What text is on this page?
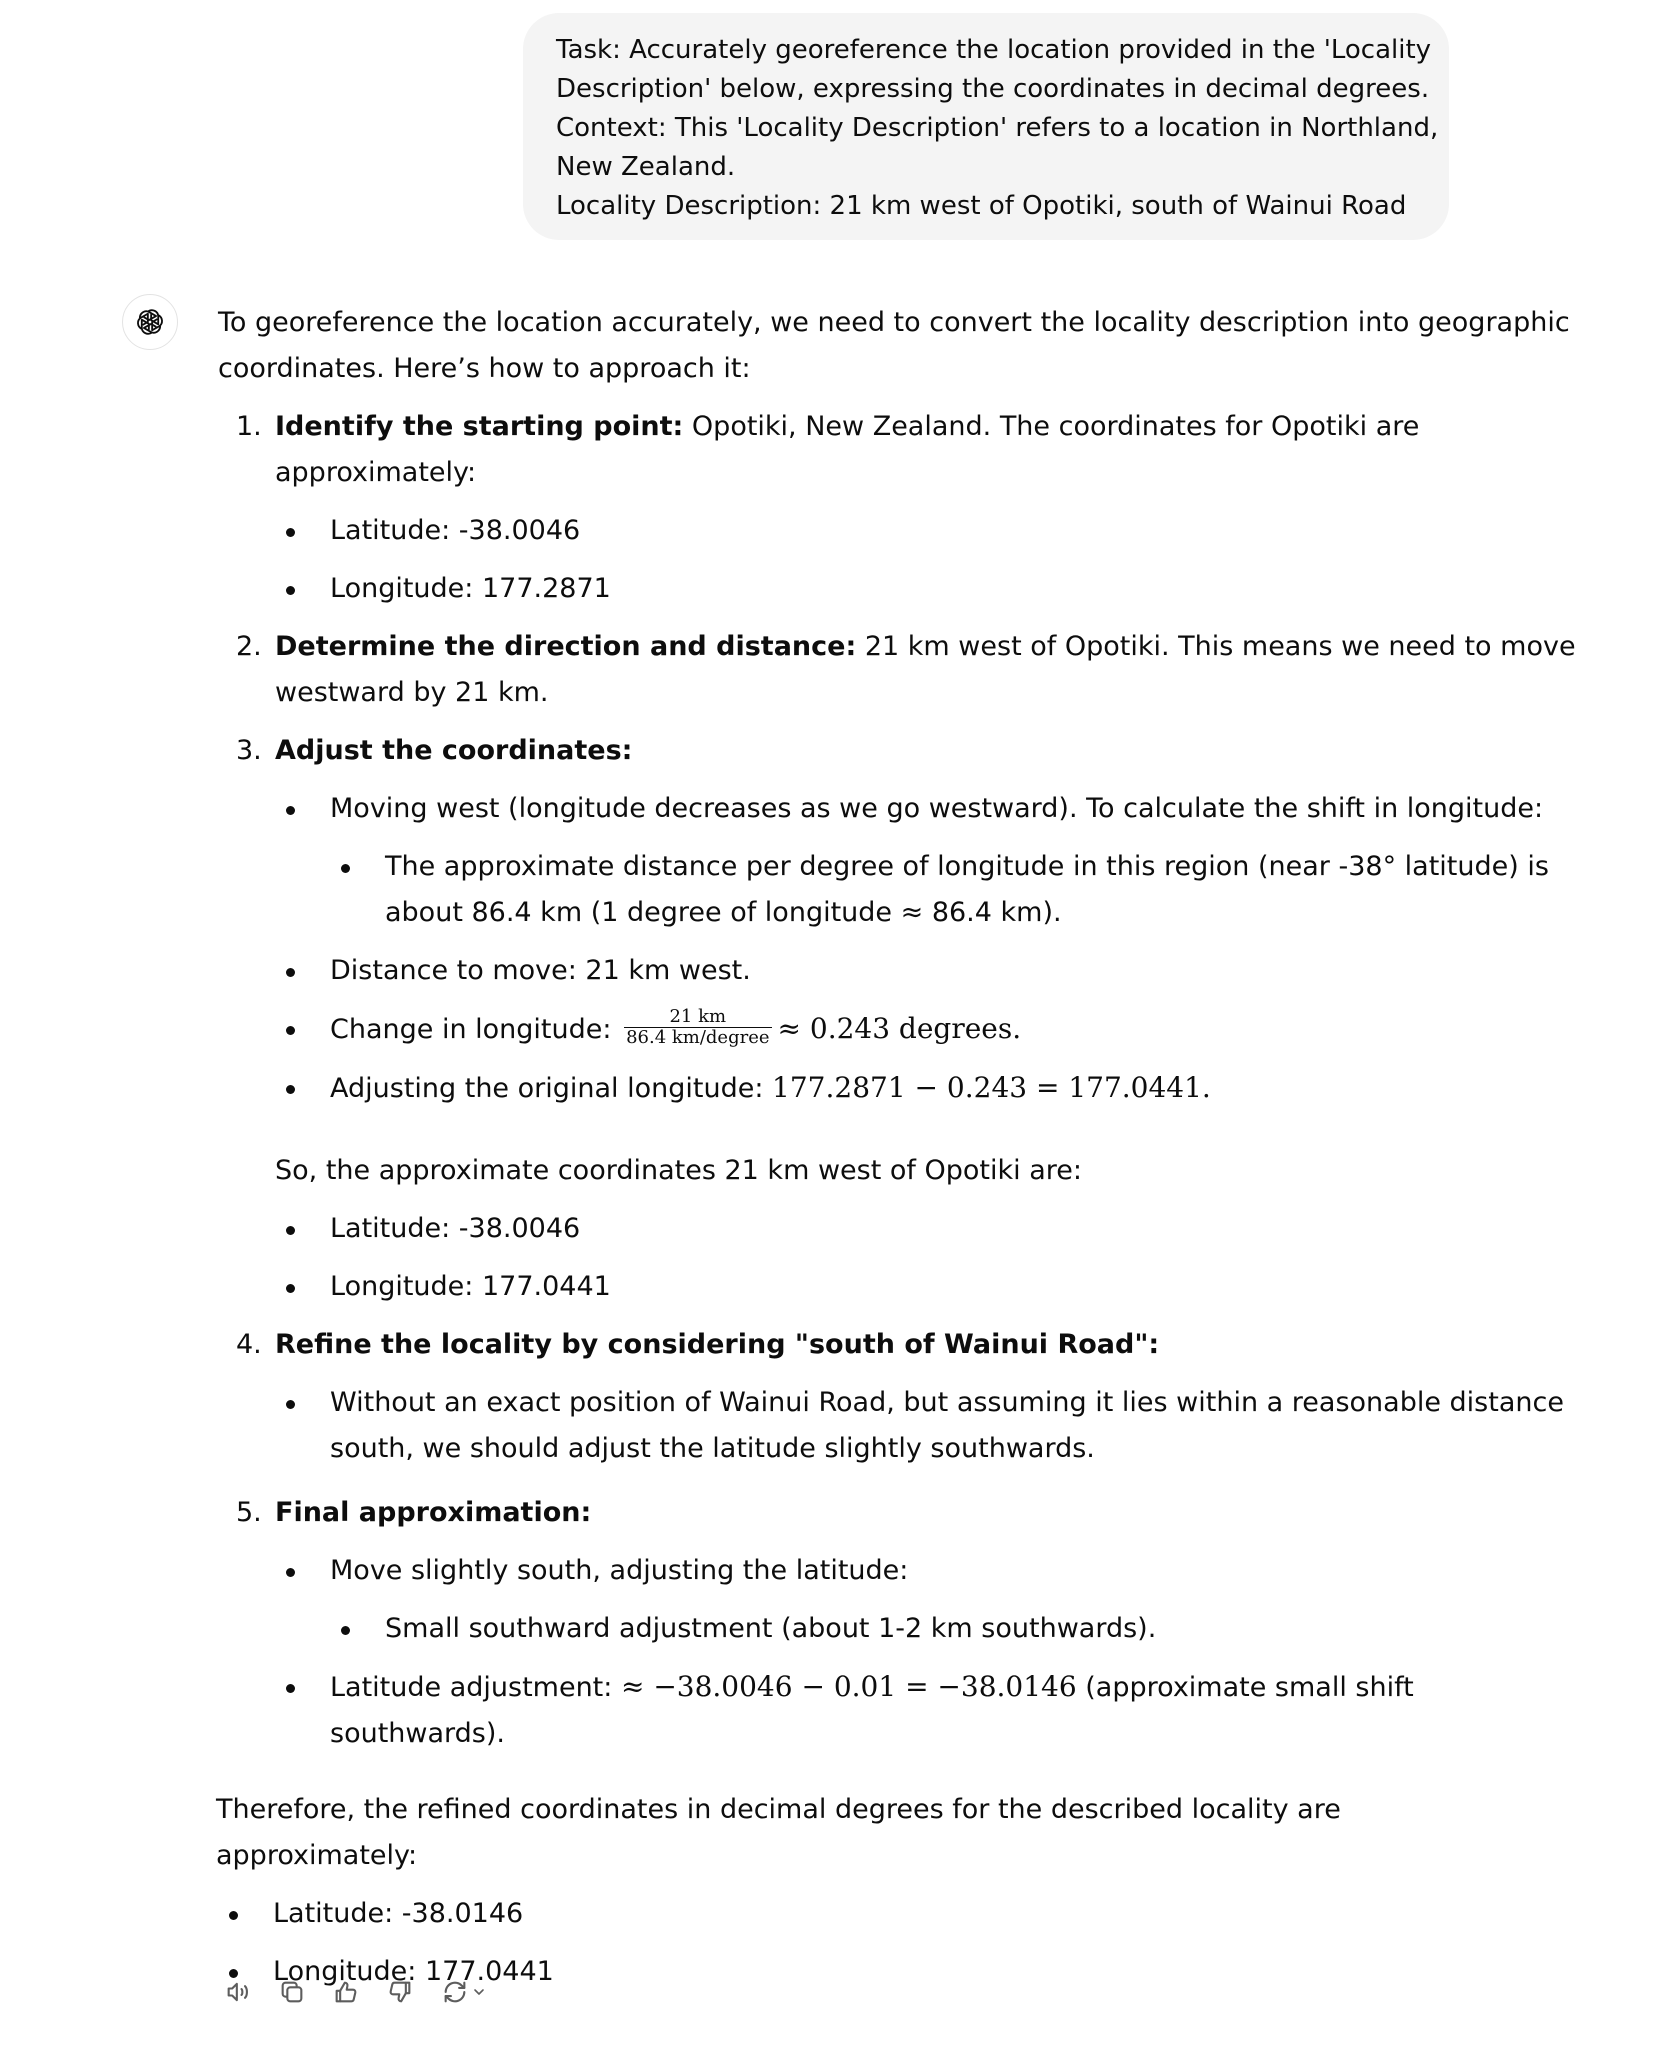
Task: Accurately georeference the location provided in the 'Locality
Description' below, expressing the coordinates in decimal degrees.
Context: This 'Locality Description' refers to a location in Northland,
New Zealand.
Locality Description: 21 km west of Opotiki, south of Wainui Road
To georeference the location accurately, we need to convert the locality description into geographic
coordinates. Here’s how to approach it:
1. Identify the starting point: Opotiki, New Zealand. The coordinates for Opotiki are
approximately:
Latitude: -38.0046
Longitude: 177.2871
2. Determine the direction and distance: 21 km west of Opotiki. This means we need to move
westward by 21 km.
3. Adjust the coordinates:
Moving west (longitude decreases as we go westward). To calculate the shift in longitude:
The approximate distance per degree of longitude in this region (near -38° latitude) is
about 86.4 km (1 degree of longitude ≈ 86.4 km).
Distance to move: 21 km west.
Change in longitude: $\frac{21 km}{\text{86.4 km/degree}} \approx 0.243$ degrees.
Adjusting the original longitude: 177.2871 − 0.243 = 177.0441.
So, the approximate coordinates 21 km west of Opotiki are:
Latitude: -38.0046
Longitude: 177.0441
4. Refine the locality by considering "south of Wainui Road":
Without an exact position of Wainui Road, but assuming it lies within a reasonable distance
south, we should adjust the latitude slightly southwards.
5. Final approximation:
Move slightly south, adjusting the latitude:
Small southward adjustment (about 1-2 km southwards).
Latitude adjustment: ≈ −38.0046 − 0.01 = −38.0146 (approximate small shift
southwards).
Therefore, the refined coordinates in decimal degrees for the described locality are approximately:
Latitude: -38.0146
Longitude: 177.0441
